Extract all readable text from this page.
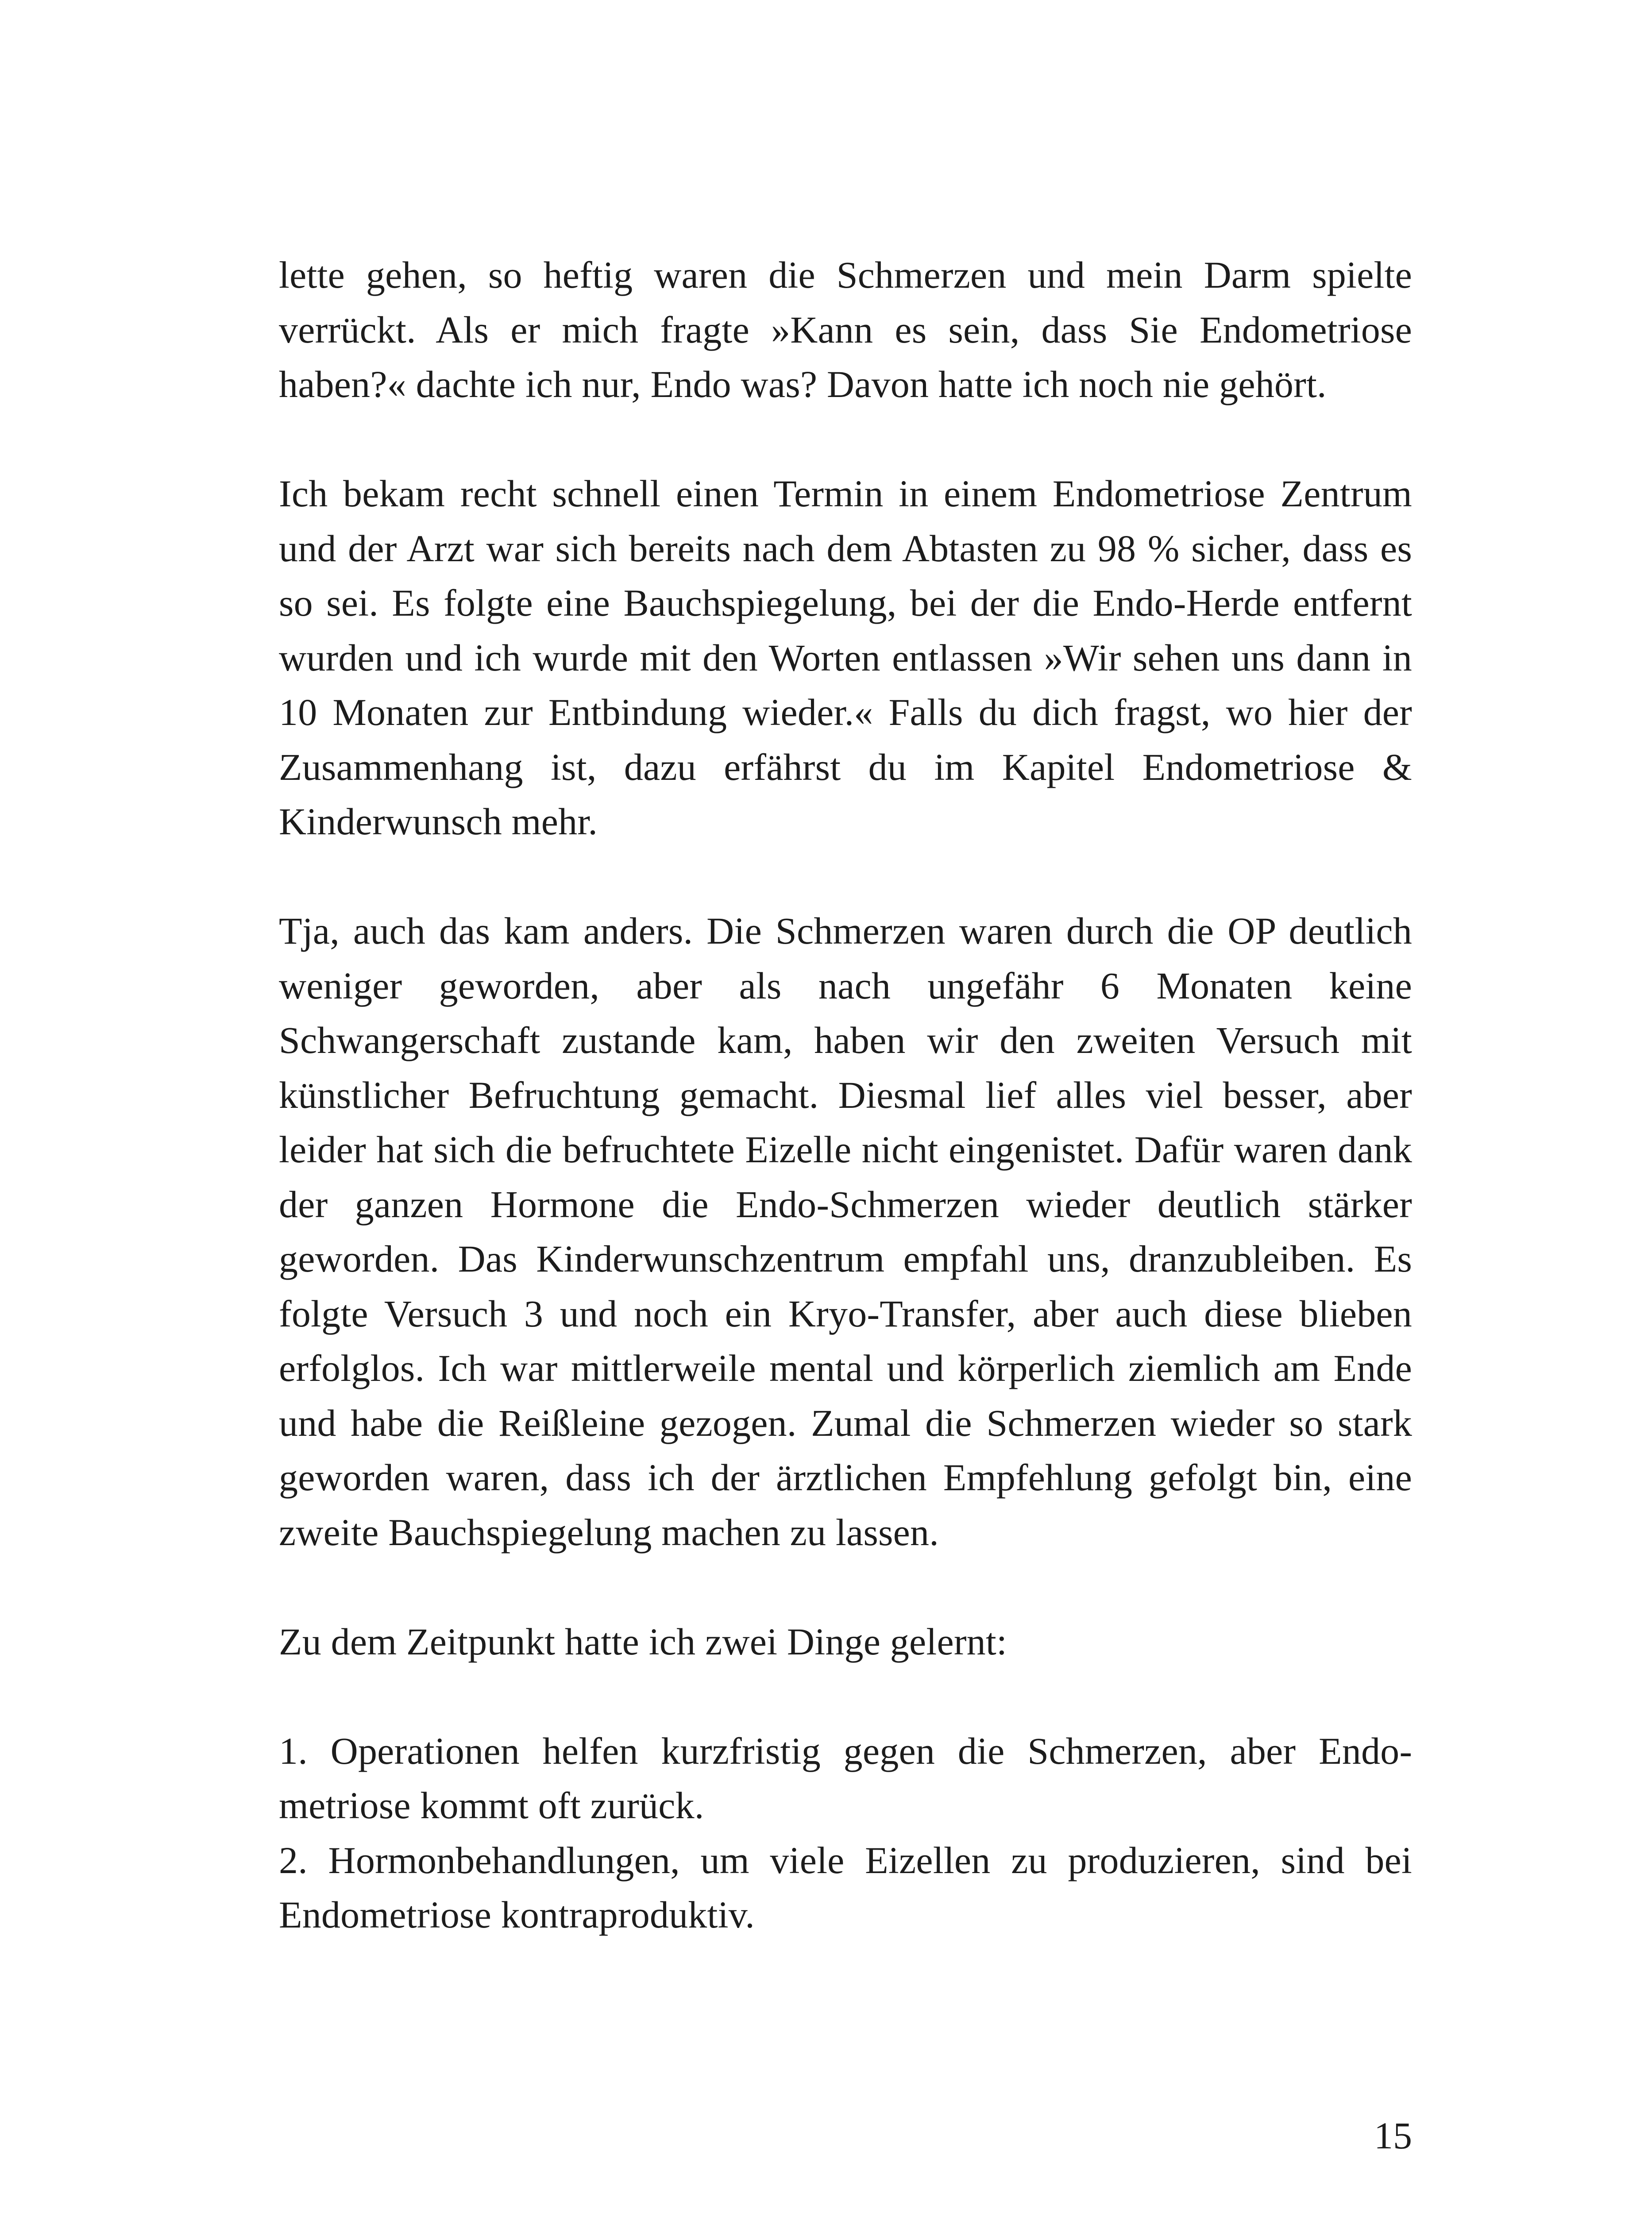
lette gehen, so heftig waren die Schmerzen und mein Darm spielte verrückt. Als er mich fragte »Kann es sein, dass Sie Endometriose haben?« dachte ich nur, Endo was? Davon hatte ich noch nie gehört.

Ich bekam recht schnell einen Termin in einem Endometriose Zentrum und der Arzt war sich bereits nach dem Abtasten zu 98 % sicher, dass es so sei. Es folgte eine Bauchspiegelung, bei der die Endo-Herde entfernt wurden und ich wurde mit den Worten entlassen »Wir sehen uns dann in 10 Monaten zur Entbindung wieder.« Falls du dich fragst, wo hier der Zusammenhang ist, dazu erfährst du im Kapitel Endometriose & Kinderwunsch mehr.

Tja, auch das kam anders. Die Schmerzen waren durch die OP deutlich weniger geworden, aber als nach ungefähr 6 Monaten keine Schwangerschaft zustande kam, haben wir den zweiten Versuch mit künstlicher Befruchtung gemacht. Diesmal lief alles viel besser, aber leider hat sich die befruchtete Eizelle nicht eingenistet. Dafür waren dank der ganzen Hormone die Endo-Schmerzen wieder deutlich stärker geworden. Das Kinderwunschzentrum empfahl uns, dranzubleiben. Es folgte Versuch 3 und noch ein Kryo-Transfer, aber auch diese blieben erfolglos. Ich war mittlerweile mental und körperlich ziemlich am Ende und habe die Reißleine gezogen. Zumal die Schmerzen wieder so stark geworden waren, dass ich der ärztlichen Empfehlung gefolgt bin, eine zweite Bauchspiegelung machen zu lassen.

Zu dem Zeitpunkt hatte ich zwei Dinge gelernt:

1. Operationen helfen kurzfristig gegen die Schmerzen, aber Endometriose kommt oft zurück.
2. Hormonbehandlungen, um viele Eizellen zu produzieren, sind bei Endometriose kontraproduktiv.
15
